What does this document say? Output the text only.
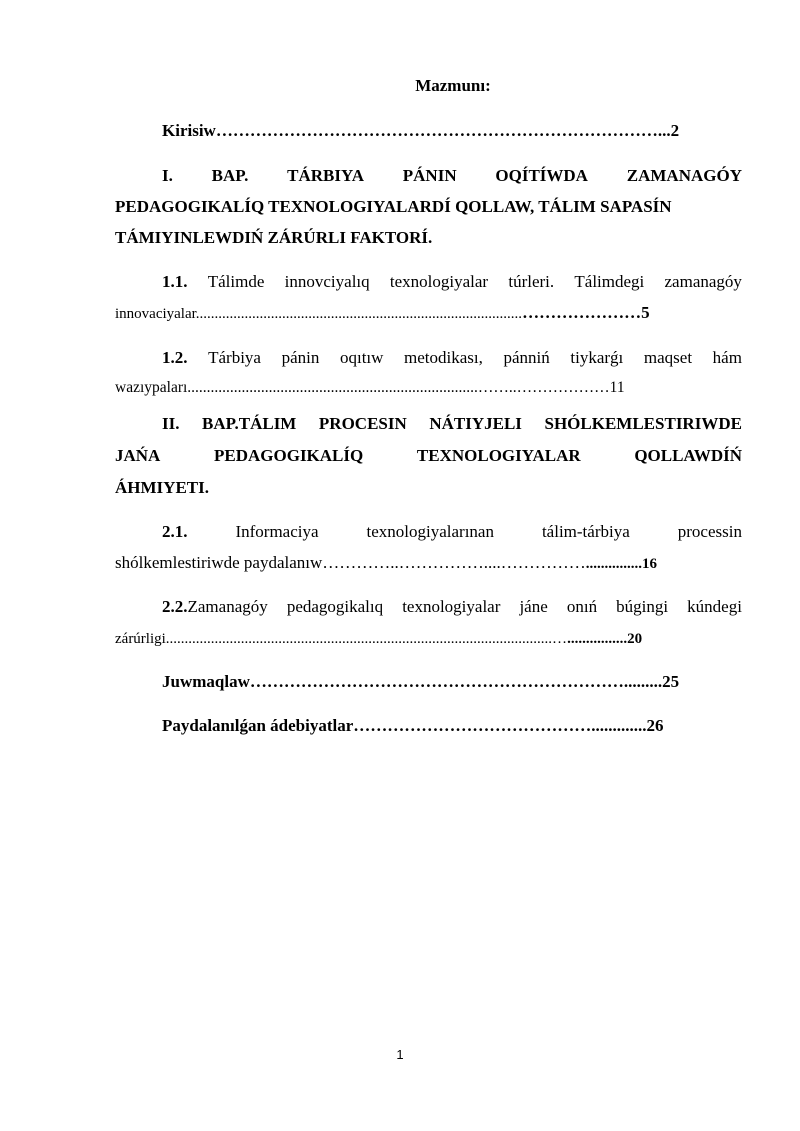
Mazmunı:
Kirisiw……………………………………………………………………...2
I. BAP. TÁRBIYA PÁNIN OQÍTÍWDA ZAMANAGÓY
PEDAGOGIKALÍQ TEXNOLOGIYALARDÍ QOLLAW, TÁLIM SAPASÍN
TÁMIYINLEWDIŃ ZÁRÚRLI FAKTORÍ.
1.1. Tálimde innovciyalıq texnologiyalar túrleri. Tálimdegi zamanagóy
innovaciyalar.......................................................................................…………………5
1.2. Tárbiya pánin oqıtıw metodikası, pánniń tiykarǵı maqset hám
wazıypaları...........................................................................……..………………11
II. BAP.TÁLIM PROCESIN NÁTIYJELI SHÓLKEMLESTIRIWDE
JAŃA	PEDAGOGIKALÍQ	TEXNOLOGIYALAR	QOLLAWDÍŃ
ÁHMIYETI.
2.1.	Informaciya	texnologiyalarınan	tálim-tárbiya	processin
shólkemlestiriwde paydalanıw…………..……………....……………...............16
2.2.Zamanagóy pedagogikalıq texnologiyalar jáne onıń búgingi kúndegi
zárúrligi.......................................................................................................…................20
Juwmaqlaw………………………………………………………….........25
Paydalanılǵan ádebiyatlar…………………………………….............26
1
